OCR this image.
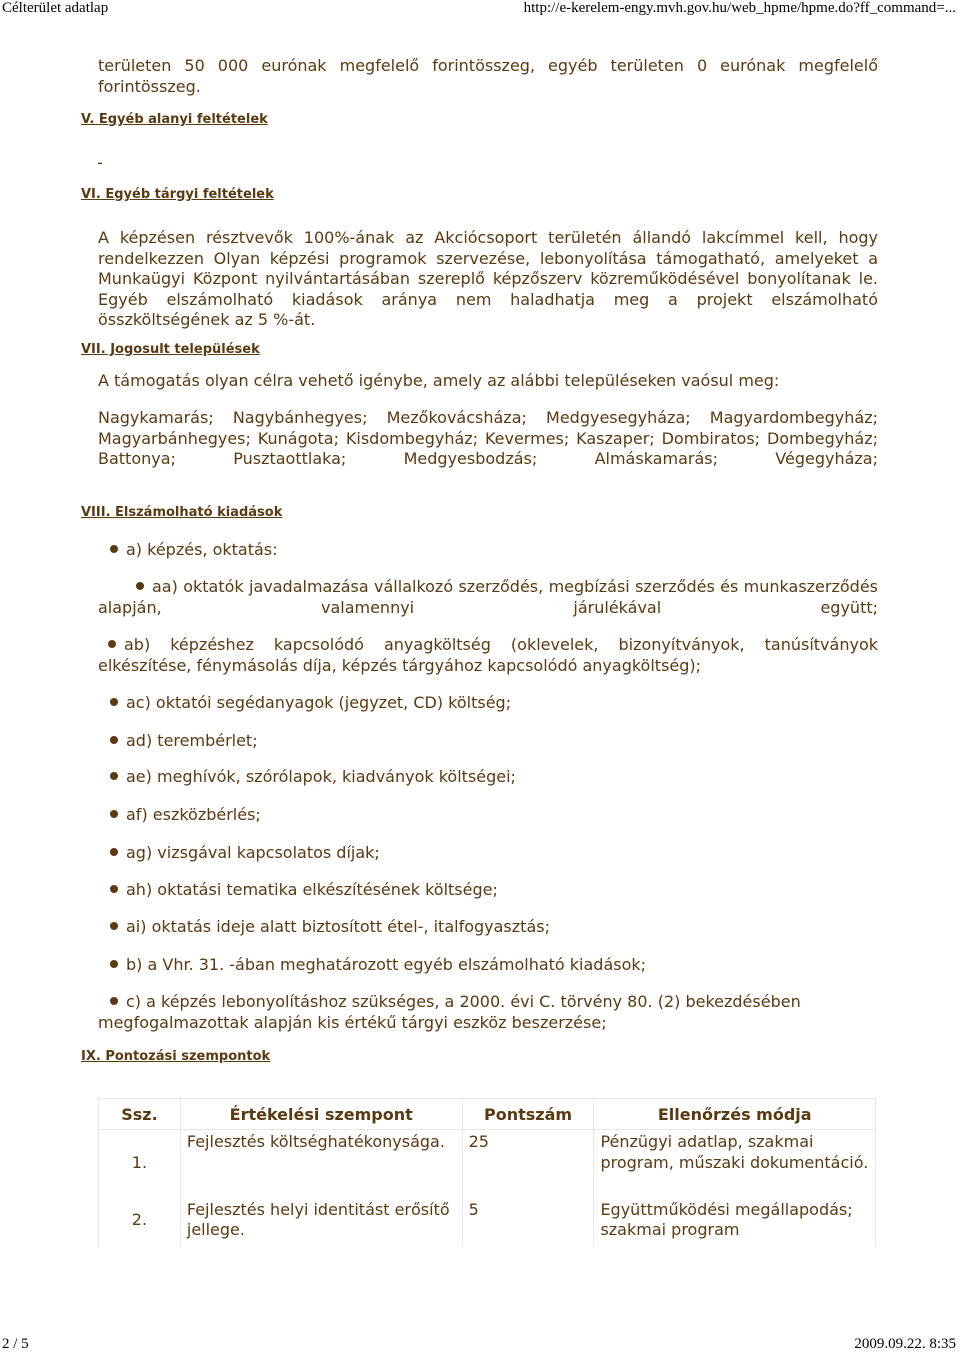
Célterület adatlap	http://e-kerelem-engy.mvh.gov.hu/web_hpme/hpme.do?ff_command=...
területen 50 000 eurónak megfelelő forintösszeg, egyéb területen 0 eurónak megfelelő forintösszeg.
V. Egyéb alanyi feltételek
-
VI. Egyéb tárgyi feltételek
A képzésen résztvevők 100%-ának az Akciócsoport területén állandó lakcímmel kell, hogy rendelkezzen Olyan képzési programok szervezése, lebonyolítása támogatható, amelyeket a Munkaügyi Központ nyilvántartásában szereplő képzőszerv közreműködésével bonyolítanak le. Egyéb elszámolható kiadások aránya nem haladhatja meg a projekt elszámolható összköltségének az 5 %-át.
VII. Jogosult települések
A támogatás olyan célra vehető igénybe, amely az alábbi településeken vaósul meg:
Nagykamarás; Nagybánhegyes; Mezőkovácsháza; Medgyesegyháza; Magyardombegyház; Magyarbánhegyes; Kunágota; Kisdombegyház; Kevermes; Kaszaper; Dombiratos; Dombegyház; Battonya; Pusztaottlaka; Medgyesbodzás; Almáskamarás; Végegyháza;
VIII. Elszámolható kiadások
a) képzés, oktatás:
aa) oktatók javadalmazása vállalkozó szerződés, megbízási szerződés és munkaszerződés alapján, valamennyi járulékával együtt;
ab) képzéshez kapcsolódó anyagköltség (oklevelek, bizonyítványok, tanúsítványok elkészítése, fénymásolás díja, képzés tárgyához kapcsolódó anyagköltség);
ac) oktatói segédanyagok (jegyzet, CD) költség;
ad) terembérlet;
ae) meghívók, szórólapok, kiadványok költségei;
af) eszközbérlés;
ag) vizsgával kapcsolatos díjak;
ah) oktatási tematika elkészítésének költsége;
ai) oktatás ideje alatt biztosított étel-, italfogyasztás;
b) a Vhr. 31. -ában meghatározott egyéb elszámolható kiadások;
c) a képzés lebonyolításhoz szükséges, a 2000. évi C. törvény 80. (2) bekezdésében megfogalmazottak alapján kis értékű tárgyi eszköz beszerzése;
IX. Pontozási szempontok
Ssz.	Értékelési szempont	Pontszám	Ellenőrzés módja
1.	Fejlesztés költséghatékonysága.	25	Pénzügyi adatlap, szakmai program, műszaki dokumentáció.
2.	Fejlesztés helyi identitást erősítő jellege.	5	Együttműködési megállapodás; szakmai program
2 / 5	2009.09.22. 8:35
